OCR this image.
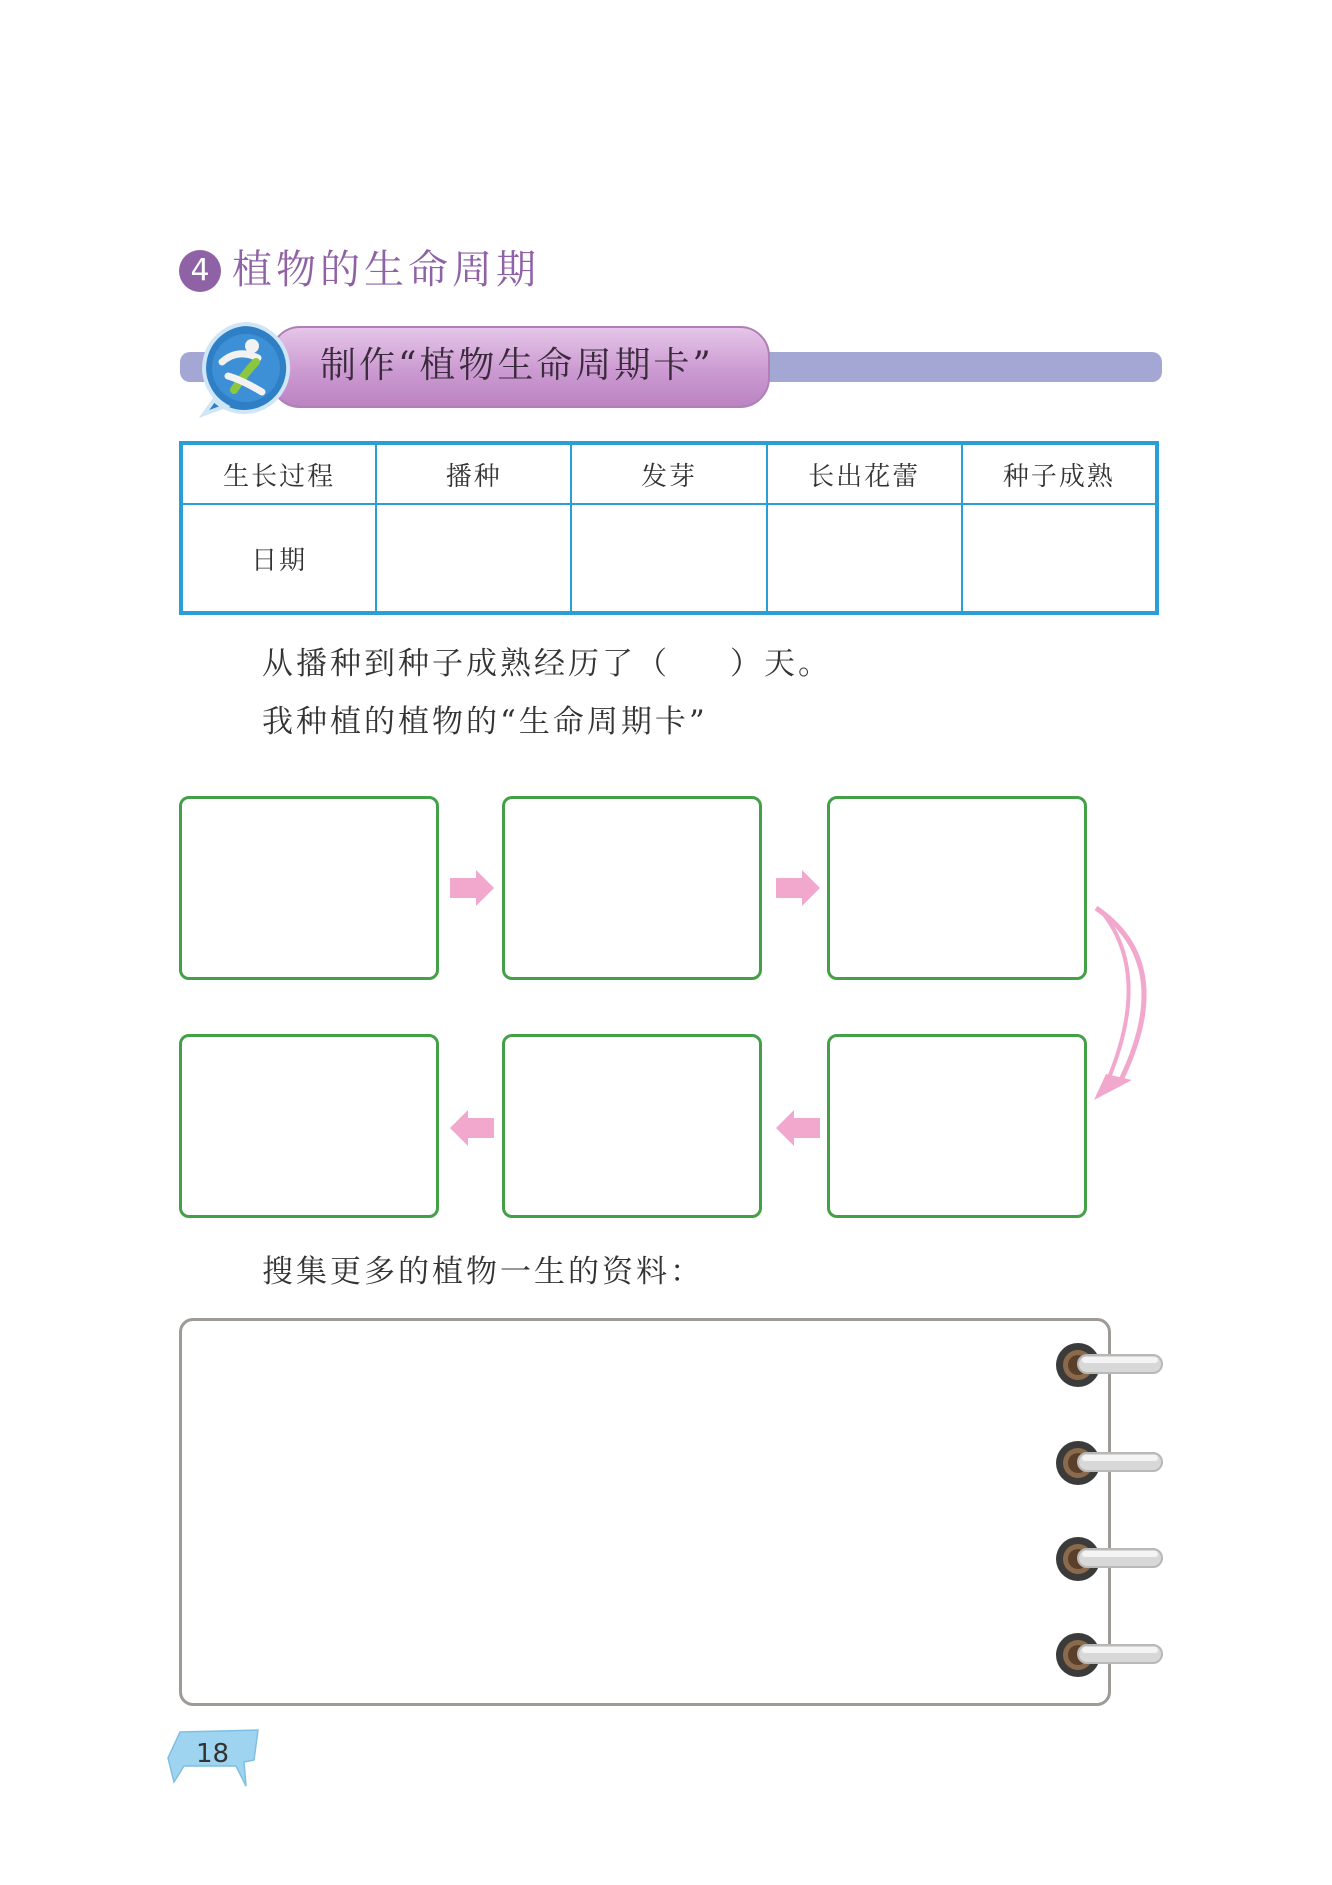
4 植物的生命周期
制作“植物生命周期卡”
生长过程	播种	发芽	长出花蕾	种子成熟
日期				
从播种到种子成熟经历了（ ）天。
我种植的植物的“生命周期卡”
搜集更多的植物一生的资料：
18
